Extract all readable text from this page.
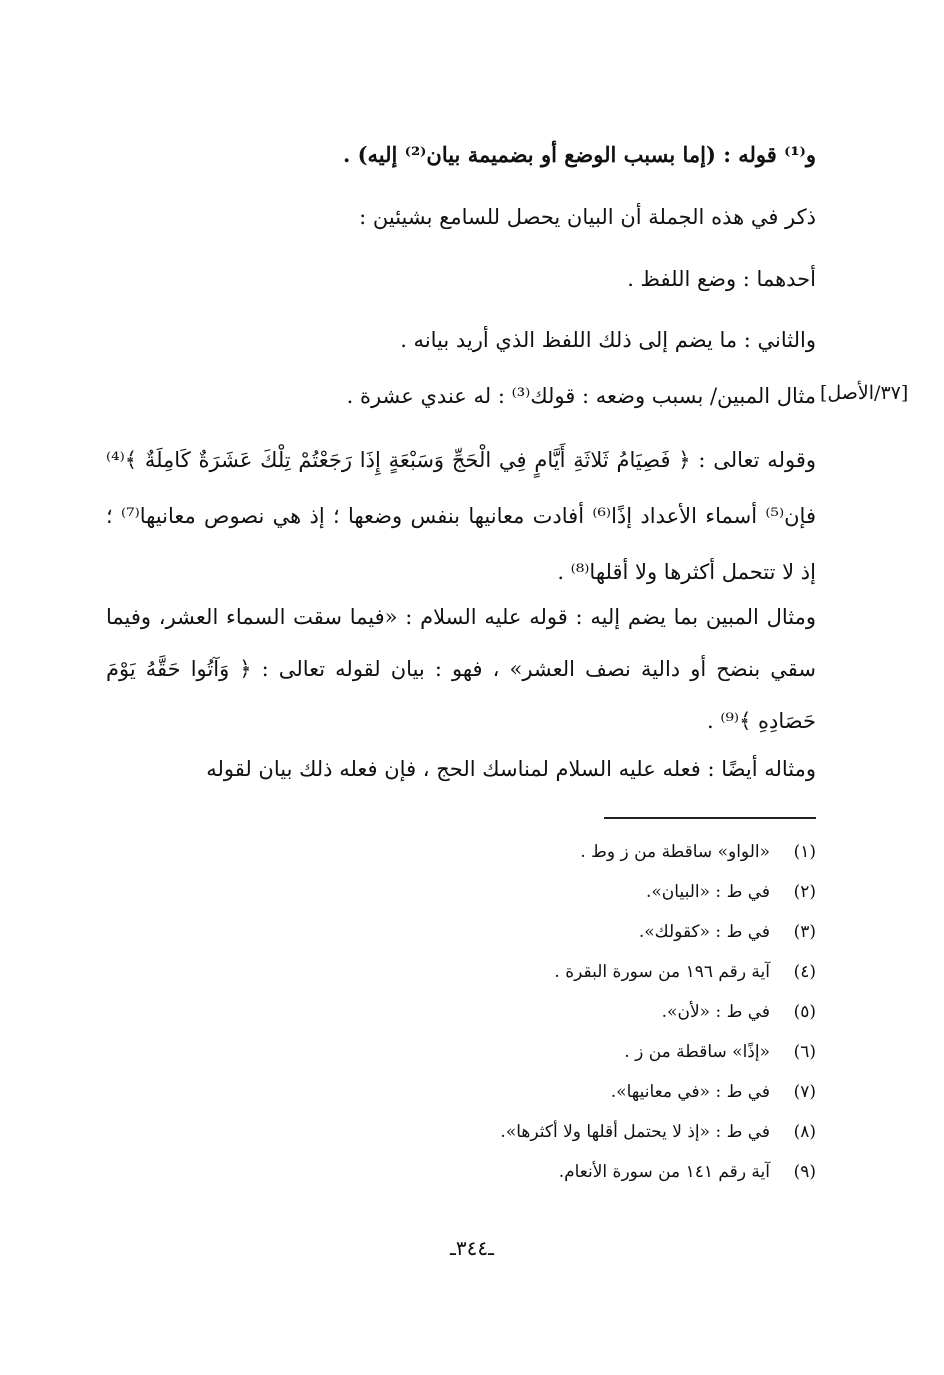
و⁽¹⁾ قوله : (إما بسبب الوضع أو بضميمة بيان⁽²⁾ إليه) .
ذكر في هذه الجملة أن البيان يحصل للسامع بشيئين :
أحدهما : وضع اللفظ .
والثاني : ما يضم إلى ذلك اللفظ الذي أريد بيانه .
مثال المبين/ بسبب وضعه : قولك⁽³⁾ : له عندي عشرة . [٣٧/الأصل]
وقوله تعالى : ﴿ فَصِيَامُ ثَلاثَةِ أَيَّامٍ فِي الْحَجِّ وَسَبْعَةٍ إِذَا رَجَعْتُمْ تِلْكَ عَشَرَةٌ كَامِلَةٌ ﴾⁽⁴⁾ فإن⁽⁵⁾ أسماء الأعداد إذًا⁽⁶⁾ أفادت معانيها بنفس وضعها ؛ إذ هي نصوص معانيها⁽⁷⁾ ؛ إذ لا تتحمل أكثرها ولا أقلها⁽⁸⁾ .
ومثال المبين بما يضم إليه : قوله عليه السلام : «فيما سقت السماء العشر، وفيما سقي بنضح أو دالية نصف العشر» ، فهو : بيان لقوله تعالى : ﴿ وَآتُوا حَقَّهُ يَوْمَ حَصَادِهِ ﴾⁽⁹⁾ .
ومثاله أيضًا : فعله عليه السلام لمناسك الحج ، فإن فعله ذلك بيان لقوله
(١)
«الواو» ساقطة من ز وط .
(٢)
في ط : «البيان».
(٣)
في ط : «كقولك».
(٤)
آية رقم ١٩٦ من سورة البقرة .
(٥)
في ط : «لأن».
(٦)
«إذًا» ساقطة من ز .
(٧)
في ط : «في معانيها».
(٨)
في ط : «إذ لا يحتمل أقلها ولا أكثرها».
(٩)
آية رقم ١٤١ من سورة الأنعام.
ـ٣٤٤ـ
